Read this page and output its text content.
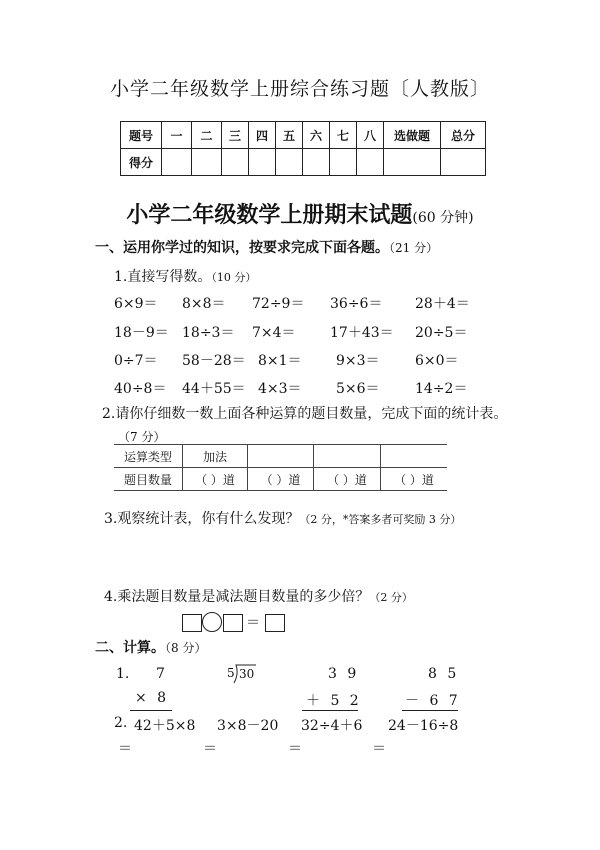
小学二年级数学上册综合练习题〔人教版〕
题号	一	二	三	四	五	六	七	八	选做题	总分
得分										
小学二年级数学上册期末试题(60 分钟)
一、运用你学过的知识，按要求完成下面各题。（21 分）
1.直接写得数。（10 分）
6×9＝ 8×8＝ 72÷9＝ 36÷6＝ 28＋4＝
18－9＝ 18÷3＝ 7×4＝ 17＋43＝ 20÷5＝
0÷7＝ 58－28＝ 8×1＝ 9×3＝	6×0＝
40÷8＝ 44＋55＝ 4×3＝ 5×6＝	14÷2＝
2.请你仔细数一数上面各种运算的题目数量，完成下面的统计表。
（7 分）
运算类型	加法			
题目数量	（ ）道	（ ）道	（ ）道	（ ）道
3.观察统计表，你有什么发现？（2 分，*答案多者可奖励 3 分）
4.乘法题目数量是减法题目数量的多少倍？（2 分）
＝
二、计算。（8 分）
1. 7
× 8
5 30	3 9
＋ 5 2
8 5
－ 6 7
2. 42＋5×8 3×8－20 32÷4＋6 24－16÷8
＝	＝	＝	＝
